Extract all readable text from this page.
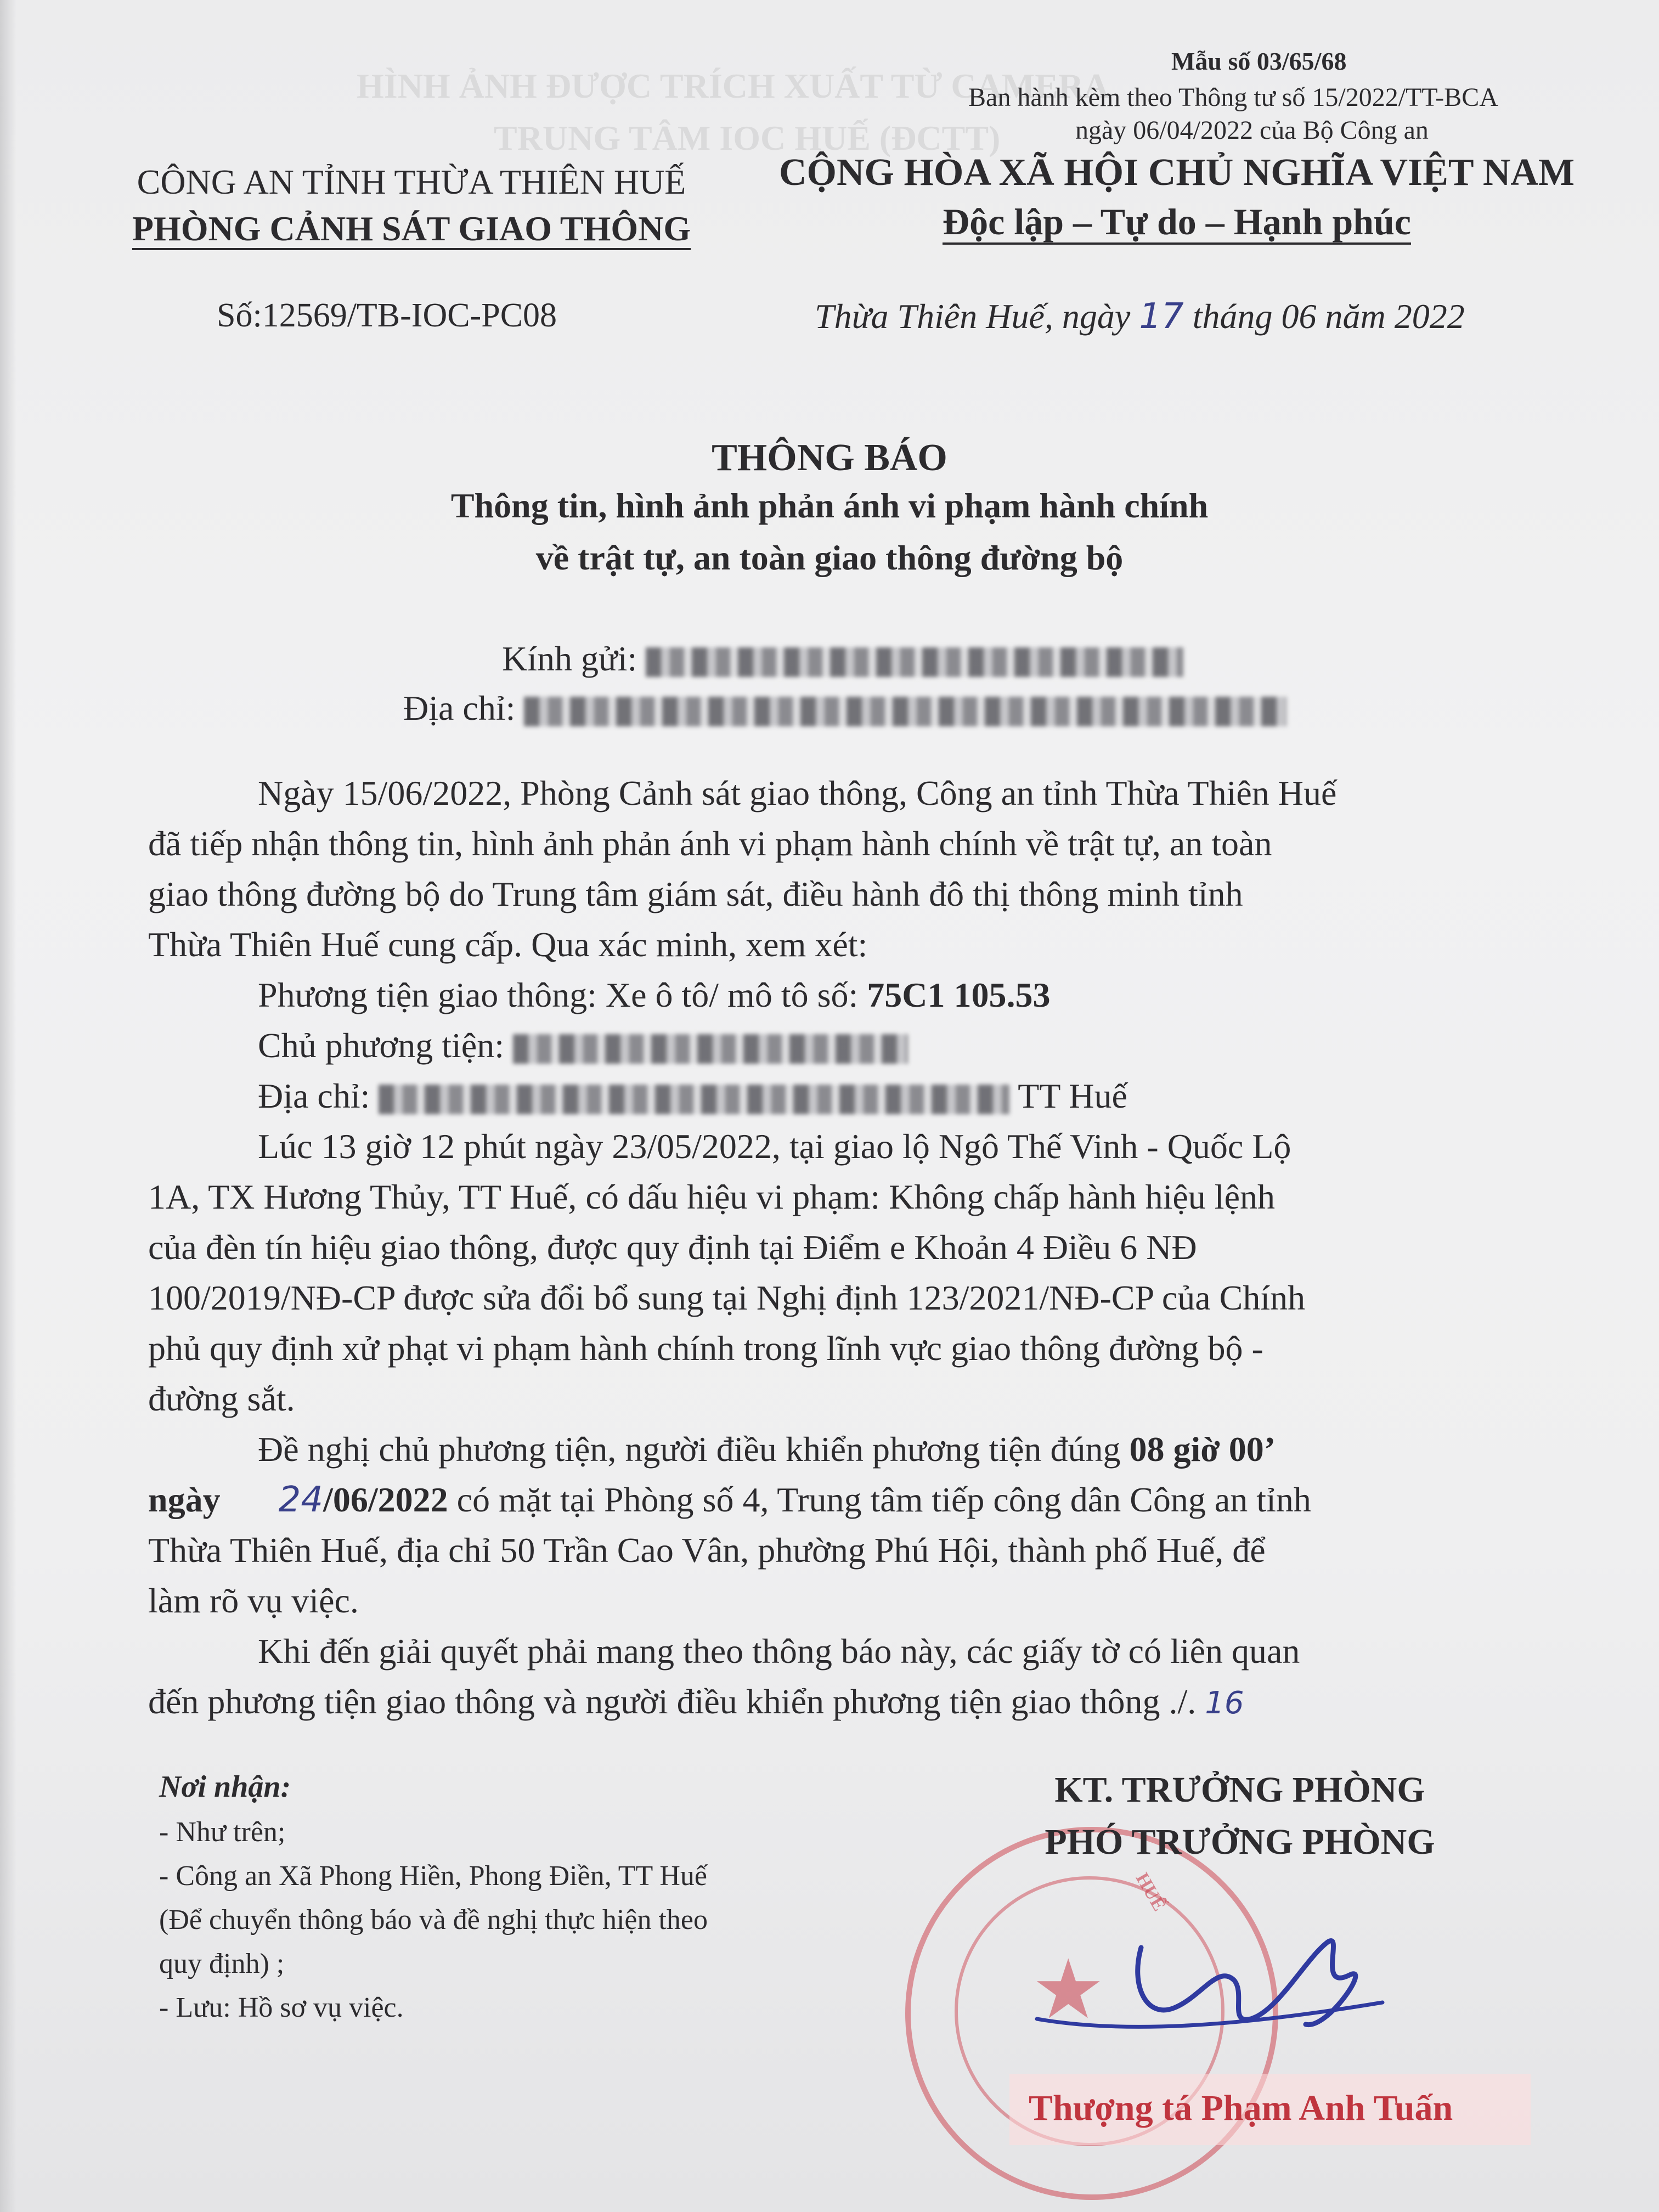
HÌNH ẢNH ĐƯỢC TRÍCH XUẤT TỪ CAMERA
TRUNG TÂM IOC HUẾ (ĐCTT)
Mẫu số 03/65/68
Ban hành kèm theo Thông tư số 15/2022/TT-BCA
ngày 06/04/2022 của Bộ Công an
CÔNG AN TỈNH THỪA THIÊN HUẾ
PHÒNG CẢNH SÁT GIAO THÔNG
CỘNG HÒA XÃ HỘI CHỦ NGHĨA VIỆT NAM
Độc lập – Tự do – Hạnh phúc
Số:12569/TB-IOC-PC08	Thừa Thiên Huế, ngày 17 tháng 06 năm 2022
THÔNG BÁO
Thông tin, hình ảnh phản ánh vi phạm hành chính
về trật tự, an toàn giao thông đường bộ
Kính gửi:
Địa chỉ:
Ngày 15/06/2022, Phòng Cảnh sát giao thông, Công an tỉnh Thừa Thiên Huế
đã tiếp nhận thông tin, hình ảnh phản ánh vi phạm hành chính về trật tự, an toàn
giao thông đường bộ do Trung tâm giám sát, điều hành đô thị thông minh tỉnh
Thừa Thiên Huế cung cấp. Qua xác minh, xem xét:
Phương tiện giao thông: Xe ô tô/ mô tô số: 75C1 105.53
Chủ phương tiện:
Địa chỉ:	TT Huế
Lúc 13 giờ 12 phút ngày 23/05/2022, tại giao lộ Ngô Thế Vinh - Quốc Lộ
1A, TX Hương Thủy, TT Huế, có dấu hiệu vi phạm: Không chấp hành hiệu lệnh
của đèn tín hiệu giao thông, được quy định tại Điểm e Khoản 4 Điều 6 NĐ
100/2019/NĐ-CP được sửa đổi bổ sung tại Nghị định 123/2021/NĐ-CP của Chính
phủ quy định xử phạt vi phạm hành chính trong lĩnh vực giao thông đường bộ -
đường sắt.
Đề nghị chủ phương tiện, người điều khiển phương tiện đúng 08 giờ 00’
ngày 24/06/2022 có mặt tại Phòng số 4, Trung tâm tiếp công dân Công an tỉnh
Thừa Thiên Huế, địa chỉ 50 Trần Cao Vân, phường Phú Hội, thành phố Huế, để
làm rõ vụ việc.
Khi đến giải quyết phải mang theo thông báo này, các giấy tờ có liên quan
đến phương tiện giao thông và người điều khiển phương tiện giao thông ./. 16
Nơi nhận:
- Như trên;
- Công an Xã Phong Hiền, Phong Điền, TT Huế
(Để chuyển thông báo và đề nghị thực hiện theo
quy định) ;
- Lưu: Hồ sơ vụ việc.	★
HUẾ
KT. TRƯỞNG PHÒNG
PHÓ TRƯỞNG PHÒNG
Thượng tá Phạm Anh Tuấn
